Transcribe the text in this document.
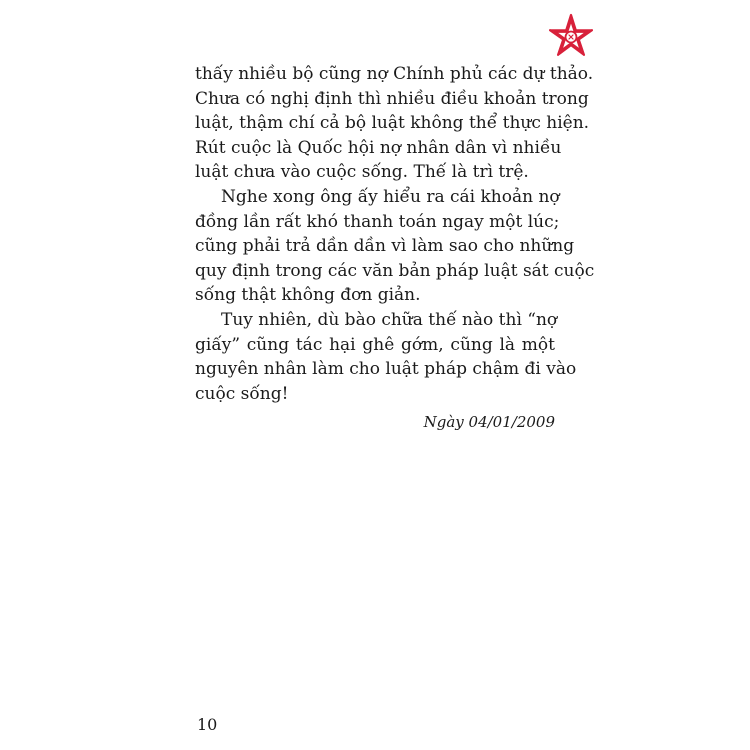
thấy nhiều bộ cũng nợ Chính phủ các dự thảo.
Chưa có nghị định thì nhiều điều khoản trong
luật, thậm chí cả bộ luật không thể thực hiện.
Rút cuộc là Quốc hội nợ nhân dân vì nhiều
luật chưa vào cuộc sống. Thế là trì trệ.

Nghe xong ông ấy hiểu ra cái khoản nợ
đồng lần rất khó thanh toán ngay một lúc;
cũng phải trả dần dần vì làm sao cho những
quy định trong các văn bản pháp luật sát cuộc
sống thật không đơn giản.

Tuy nhiên, dù bào chữa thế nào thì “nợ
giấy” cũng tác hại ghê gớm, cũng là một
nguyên nhân làm cho luật pháp chậm đi vào
cuộc sống!

Ngày 04/01/2009
10
